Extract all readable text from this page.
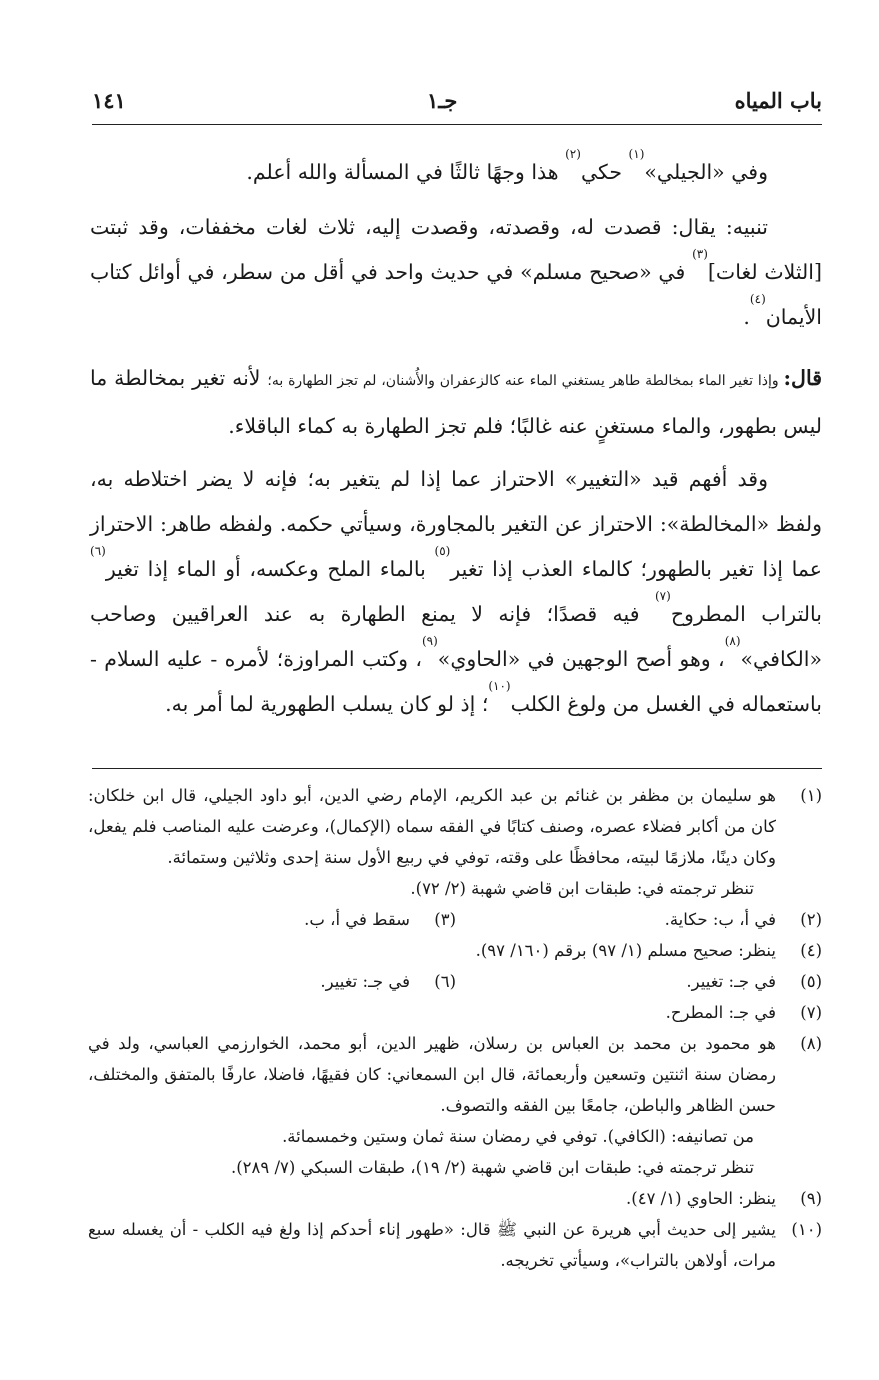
باب المياه
جـ١
١٤١

وفي «الجيلي»$^{(١)}$ حكي$^{(٢)}$ هذا وجهًا ثالثًا في المسألة والله أعلم.

تنبيه: يقال: قصدت له، وقصدته، وقصدت إليه، ثلاث لغات مخففات، وقد ثبتت [الثلاث لغات]$^{(٣)}$ في «صحيح مسلم» في حديث واحد في أقل من سطر، في أوائل كتاب الأيمان$^{(٤)}$.

قال: وإذا تغير الماء بمخالطة طاهر يستغني الماء عنه كالزعفران والأُشنان، لم تجز الطهارة به؛ لأنه تغير بمخالطة ما ليس بطهور، والماء مستغنٍ عنه غالبًا؛ فلم تجز الطهارة به كماء الباقلاء.

وقد أفهم قيد «التغيير» الاحتراز عما إذا لم يتغير به؛ فإنه لا يضر اختلاطه به، ولفظ «المخالطة»: الاحتراز عن التغير بالمجاورة، وسيأتي حكمه. ولفظه طاهر: الاحتراز عما إذا تغير بالطهور؛ كالماء العذب إذا تغير$^{(٥)}$ بالماء الملح وعكسه، أو الماء إذا تغير$^{(٦)}$ بالتراب المطروح$^{(٧)}$ فيه قصدًا؛ فإنه لا يمنع الطهارة به عند العراقيين وصاحب «الكافي»$^{(٨)}$، وهو أصح الوجهين في «الحاوي»$^{(٩)}$، وكتب المراوزة؛ لأمره - عليه السلام - باستعماله في الغسل من ولوغ الكلب$^{(١٠)}$؛ إذ لو كان يسلب الطهورية لما أمر به.

(١)
هو سليمان بن مظفر بن غنائم بن عبد الكريم، الإمام رضي الدين، أبو داود الجيلي، قال ابن خلكان: كان من أكابر فضلاء عصره، وصنف كتابًا في الفقه سماه (الإكمال)، وعرضت عليه المناصب فلم يفعل، وكان دينًا، ملازمًا لبيته، محافظًا على وقته، توفي في ربيع الأول سنة إحدى وثلاثين وستمائة.
تنظر ترجمته في: طبقات ابن قاضي شهبة (٢/ ٧٢).
(٢)
في أ، ب: حكاية.
(٣)
سقط في أ، ب.
(٤)
ينظر: صحيح مسلم (١/ ٩٧) برقم (١٦٠/ ٩٧).
(٥)
في جـ: تغيير.
(٦)
في جـ: تغيير.
(٧)
في جـ: المطرح.
(٨)
هو محمود بن محمد بن العباس بن رسلان، ظهير الدين، أبو محمد، الخوارزمي العباسي، ولد في رمضان سنة اثنتين وتسعين وأربعمائة، قال ابن السمعاني: كان فقيهًا، فاضلا، عارفًا بالمتفق والمختلف، حسن الظاهر والباطن، جامعًا بين الفقه والتصوف.
من تصانيفه: (الكافي). توفي في رمضان سنة ثمان وستين وخمسمائة.
تنظر ترجمته في: طبقات ابن قاضي شهبة (٢/ ١٩)، طبقات السبكي (٧/ ٢٨٩).
(٩)
ينظر: الحاوي (١/ ٤٧).
(١٠)
يشير إلى حديث أبي هريرة عن النبي ﷺ قال: «طهور إناء أحدكم إذا ولغ فيه الكلب - أن يغسله سبع مرات، أولاهن بالتراب»، وسيأتي تخريجه.
